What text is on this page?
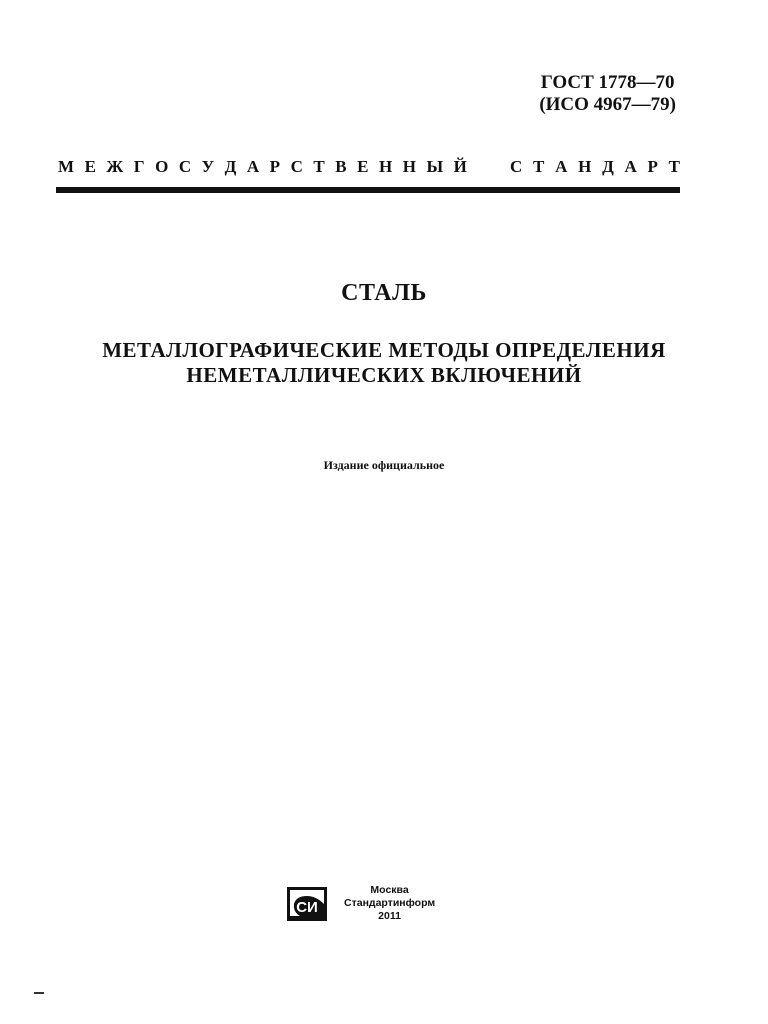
ГОСТ 1778—70
(ИСО 4967—79)
М Е Ж Г О С У Д А Р С Т В Е Н Н Ы Й	С Т А Н Д А Р Т
СТАЛЬ
МЕТАЛЛОГРАФИЧЕСКИЕ МЕТОДЫ ОПРЕДЕЛЕНИЯ
НЕМЕТАЛЛИЧЕСКИХ ВКЛЮЧЕНИЙ
Издание официальное
СИ
Москва
Стандартинформ
2011
